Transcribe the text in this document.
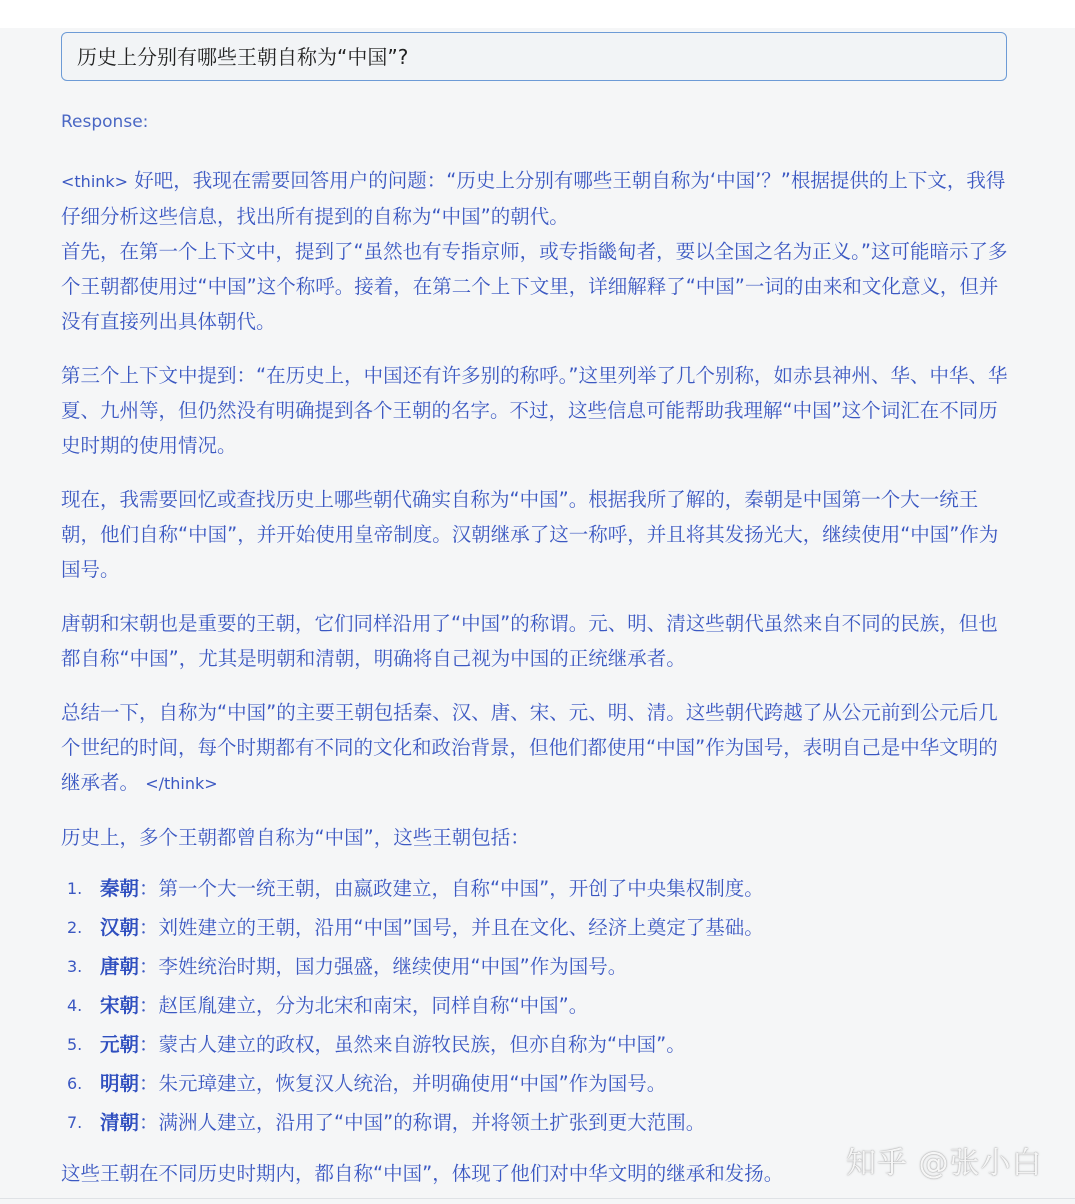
历史上分别有哪些王朝自称为“中国”?
Response:
<think> 好吧，我现在需要回答用户的问题：“历史上分别有哪些王朝自称为‘中国’？”根据提供的上下文，我得仔细分析这些信息，找出所有提到的自称为“中国”的朝代。
首先，在第一个上下文中，提到了“虽然也有专指京师，或专指畿甸者，要以全国之名为正义。”这可能暗示了多个王朝都使用过“中国”这个称呼。接着，在第二个上下文里，详细解释了“中国”一词的由来和文化意义，但并没有直接列出具体朝代。
第三个上下文中提到：“在历史上，中国还有许多别的称呼。”这里列举了几个别称，如赤县神州、华、中华、华夏、九州等，但仍然没有明确提到各个王朝的名字。不过，这些信息可能帮助我理解“中国”这个词汇在不同历史时期的使用情况。
现在，我需要回忆或查找历史上哪些朝代确实自称为“中国”。根据我所了解的，秦朝是中国第一个大一统王朝，他们自称“中国”，并开始使用皇帝制度。汉朝继承了这一称呼，并且将其发扬光大，继续使用“中国”作为国号。
唐朝和宋朝也是重要的王朝，它们同样沿用了“中国”的称谓。元、明、清这些朝代虽然来自不同的民族，但也都自称“中国”，尤其是明朝和清朝，明确将自己视为中国的正统继承者。
总结一下，自称为“中国”的主要王朝包括秦、汉、唐、宋、元、明、清。这些朝代跨越了从公元前到公元后几个世纪的时间，每个时期都有不同的文化和政治背景，但他们都使用“中国”作为国号，表明自己是中华文明的继承者。 </think>
历史上，多个王朝都曾自称为“中国”，这些王朝包括：
1. 秦朝 ：第一个大一统王朝，由嬴政建立，自称“中国”，开创了中央集权制度。
2. 汉朝 ：刘姓建立的王朝，沿用“中国”国号，并且在文化、经济上奠定了基础。
3. 唐朝 ：李姓统治时期，国力强盛，继续使用“中国”作为国号。
4. 宋朝 ：赵匡胤建立，分为北宋和南宋，同样自称“中国”。
5. 元朝 ：蒙古人建立的政权，虽然来自游牧民族，但亦自称为“中国”。
6. 明朝 ：朱元璋建立，恢复汉人统治，并明确使用“中国”作为国号。
7. 清朝 ：满洲人建立，沿用了“中国”的称谓，并将领土扩张到更大范围。
这些王朝在不同历史时期内，都自称“中国”，体现了他们对中华文明的继承和发扬。	知乎 @张小白
